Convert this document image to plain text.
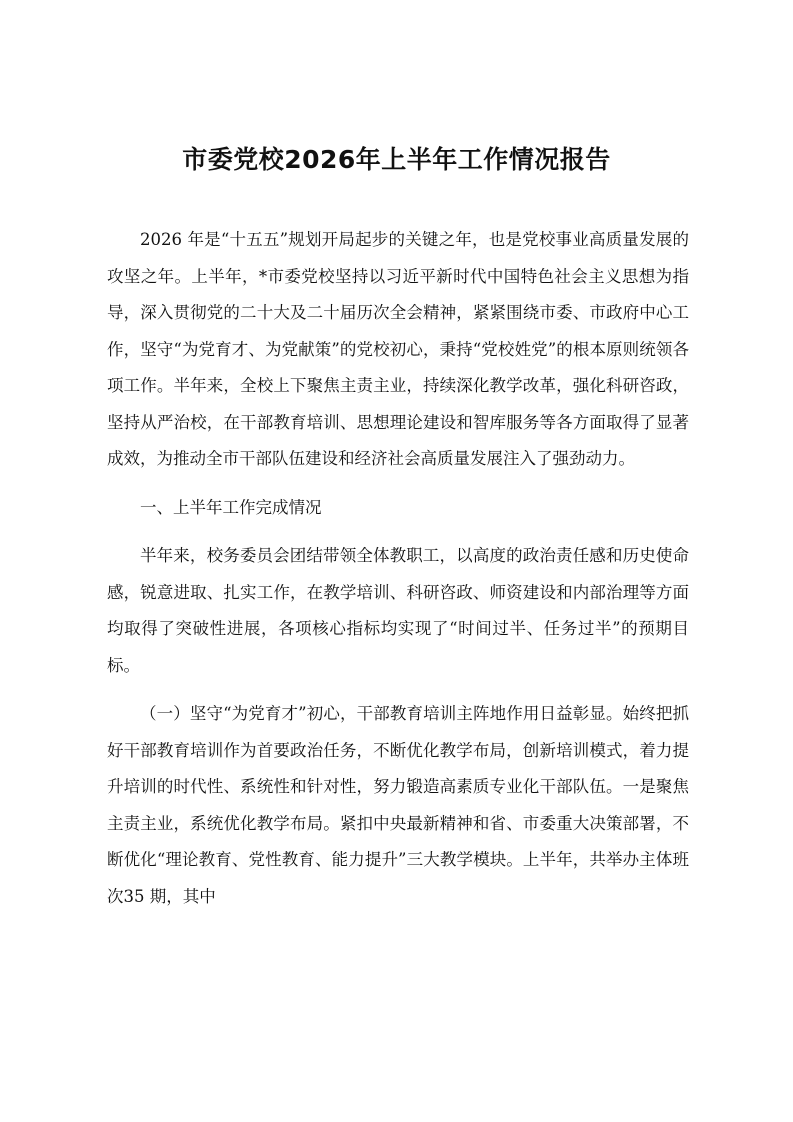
市委党校2026年上半年工作情况报告

2026 年是“十五五”规划开局起步的关键之年，也是党校事业高质量发展的攻坚之年。上半年，*市委党校坚持以习近平新时代中国特色社会主义思想为指导，深入贯彻党的二十大及二十届历次全会精神，紧紧围绕市委、市政府中心工作，坚守“为党育才、为党献策”的党校初心，秉持“党校姓党”的根本原则统领各项工作。半年来，全校上下聚焦主责主业，持续深化教学改革，强化科研咨政，坚持从严治校，在干部教育培训、思想理论建设和智库服务等各方面取得了显著成效，为推动全市干部队伍建设和经济社会高质量发展注入了强劲动力。

一、上半年工作完成情况

半年来，校务委员会团结带领全体教职工，以高度的政治责任感和历史使命感，锐意进取、扎实工作，在教学培训、科研咨政、师资建设和内部治理等方面均取得了突破性进展，各项核心指标均实现了“时间过半、任务过半”的预期目标。

（一）坚守“为党育才”初心，干部教育培训主阵地作用日益彰显。始终把抓好干部教育培训作为首要政治任务，不断优化教学布局，创新培训模式，着力提升培训的时代性、系统性和针对性，努力锻造高素质专业化干部队伍。一是聚焦主责主业，系统优化教学布局。紧扣中央最新精神和省、市委重大决策部署，不断优化“理论教育、党性教育、能力提升”三大教学模块。上半年，共举办主体班次35 期，其中
